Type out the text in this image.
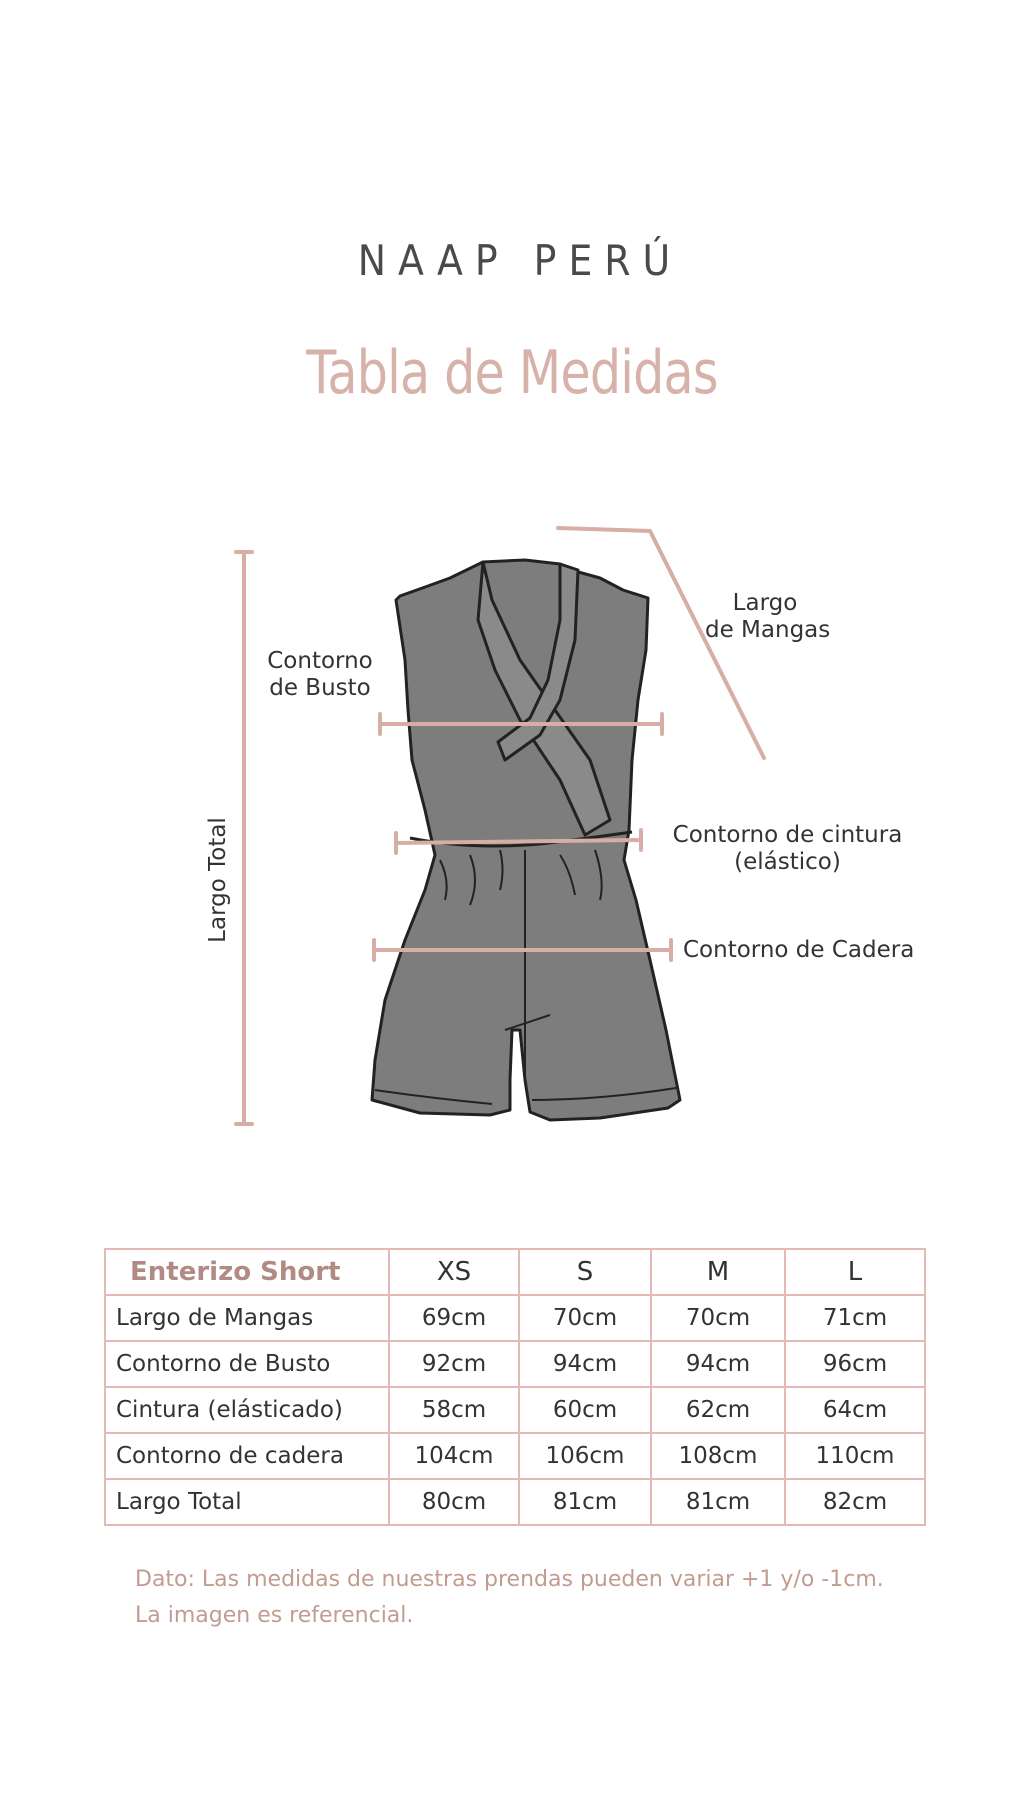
NAAP PERÚ
Tabla de Medidas
Largo
de Mangas
Contorno
de Busto
Contorno de cintura
(elástico)
Contorno de Cadera
Largo Total
Enterizo Short	XS	S	M	L
Largo de Mangas	69cm	70cm	70cm	71cm
Contorno de Busto	92cm	94cm	94cm	96cm
Cintura (elásticado)	58cm	60cm	62cm	64cm
Contorno de cadera	104cm	106cm	108cm	110cm
Largo Total	80cm	81cm	81cm	82cm
Dato: Las medidas de nuestras prendas pueden variar +1 y/o -1cm.
La imagen es referencial.
